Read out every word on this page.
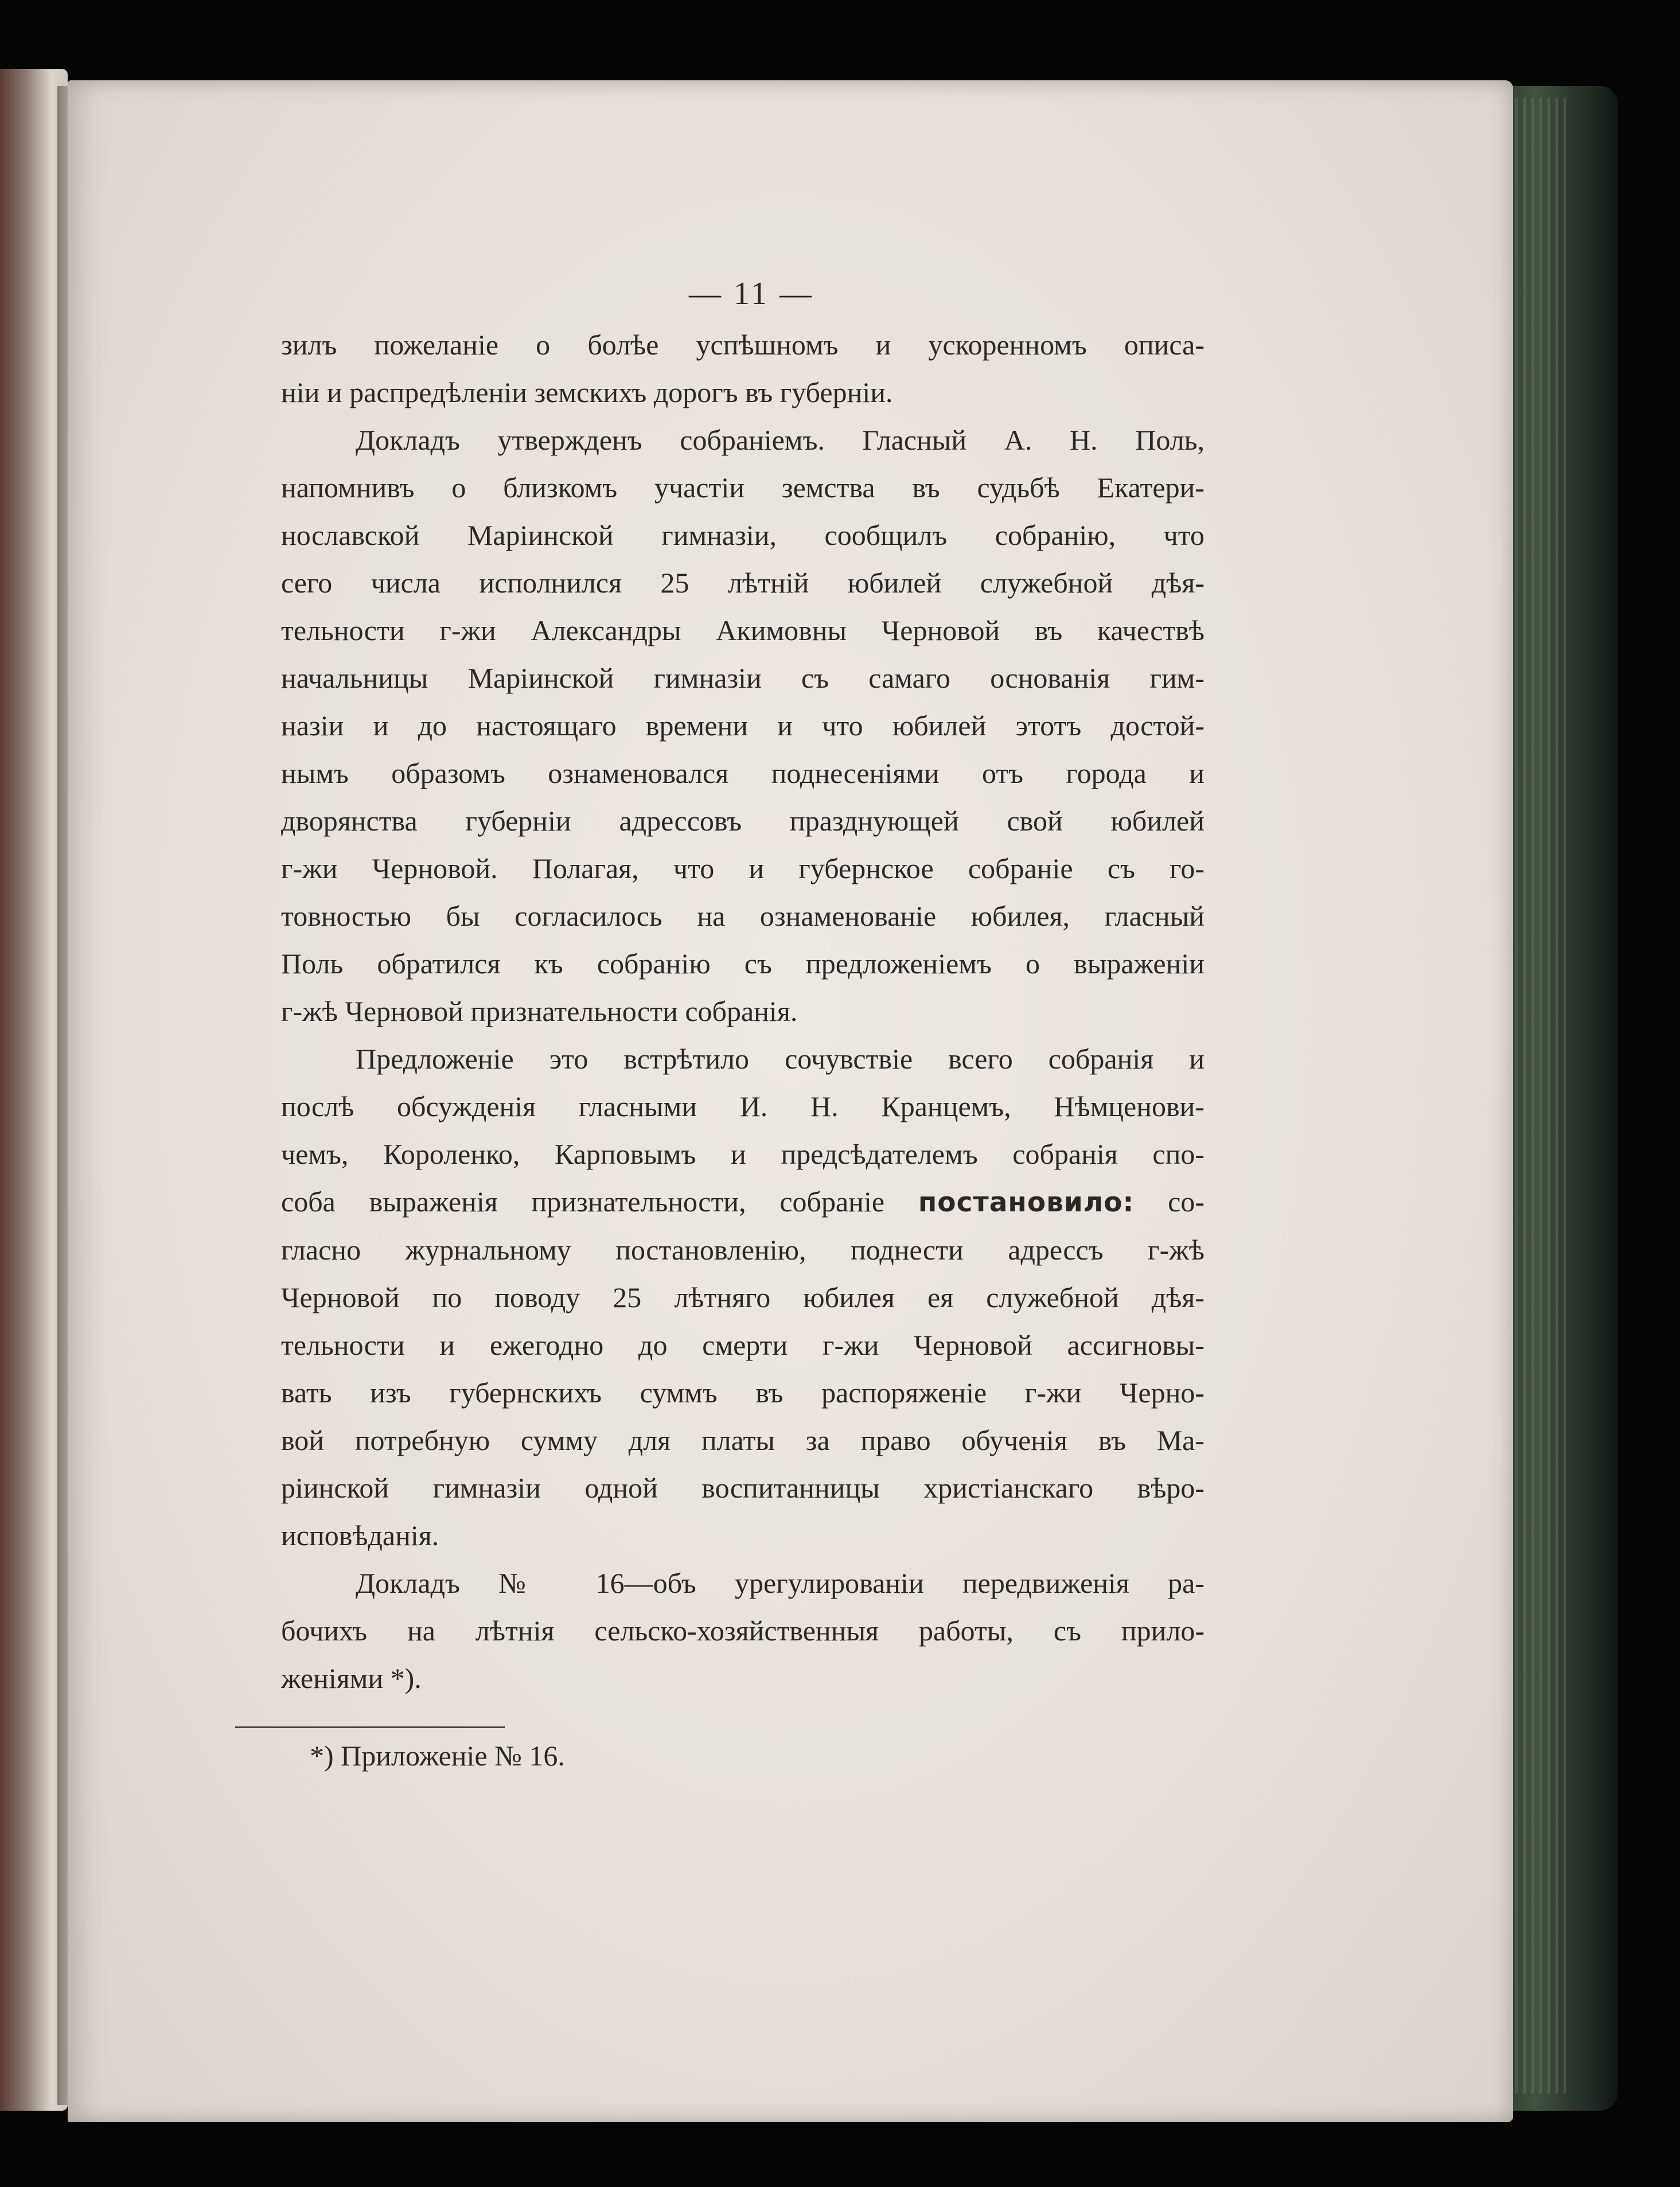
— 11 —

зилъ пожеланіе о болѣе успѣшномъ и ускоренномъ описа-
ніи и распредѣленіи земскихъ дорогъ въ губерніи.

Докладъ утвержденъ собраніемъ. Гласный А. Н. Поль,
напомнивъ о близкомъ участіи земства въ судьбѣ Екатери-
нославской Маріинской гимназіи, сообщилъ собранію, что
сего числа исполнился 25 лѣтній юбилей служебной дѣя-
тельности г-жи Александры Акимовны Черновой въ качествѣ
начальницы Маріинской гимназіи съ самаго основанія гим-
назіи и до настоящаго времени и что юбилей этотъ достой-
нымъ образомъ ознаменовался поднесеніями отъ города и
дворянства губерніи адрессовъ празднующей свой юбилей
г-жи Черновой. Полагая, что и губернское собраніе съ го-
товностью бы согласилось на ознаменованіе юбилея, гласный
Поль обратился къ собранію съ предложеніемъ о выраженіи
г-жѣ Черновой признательности собранія.

Предложеніе это встрѣтило сочувствіе всего собранія и
послѣ обсужденія гласными И. Н. Кранцемъ, Нѣмценови-
чемъ, Короленко, Карповымъ и предсѣдателемъ собранія спо-
соба выраженія признательности, собраніе постановило: со-
гласно журнальному постановленію, поднести адрессъ г-жѣ
Черновой по поводу 25 лѣтняго юбилея ея служебной дѣя-
тельности и ежегодно до смерти г-жи Черновой ассигновы-
вать изъ губернскихъ суммъ въ распоряженіе г-жи Черно-
вой потребную сумму для платы за право обученія въ Ма-
ріинской гимназіи одной воспитанницы христіанскаго вѣро-
исповѣданія.

Докладъ № 16—объ урегулированіи передвиженія ра-
бочихъ на лѣтнія сельско-хозяйственныя работы, съ прило-
женіями *).

*) Приложеніе № 16.
